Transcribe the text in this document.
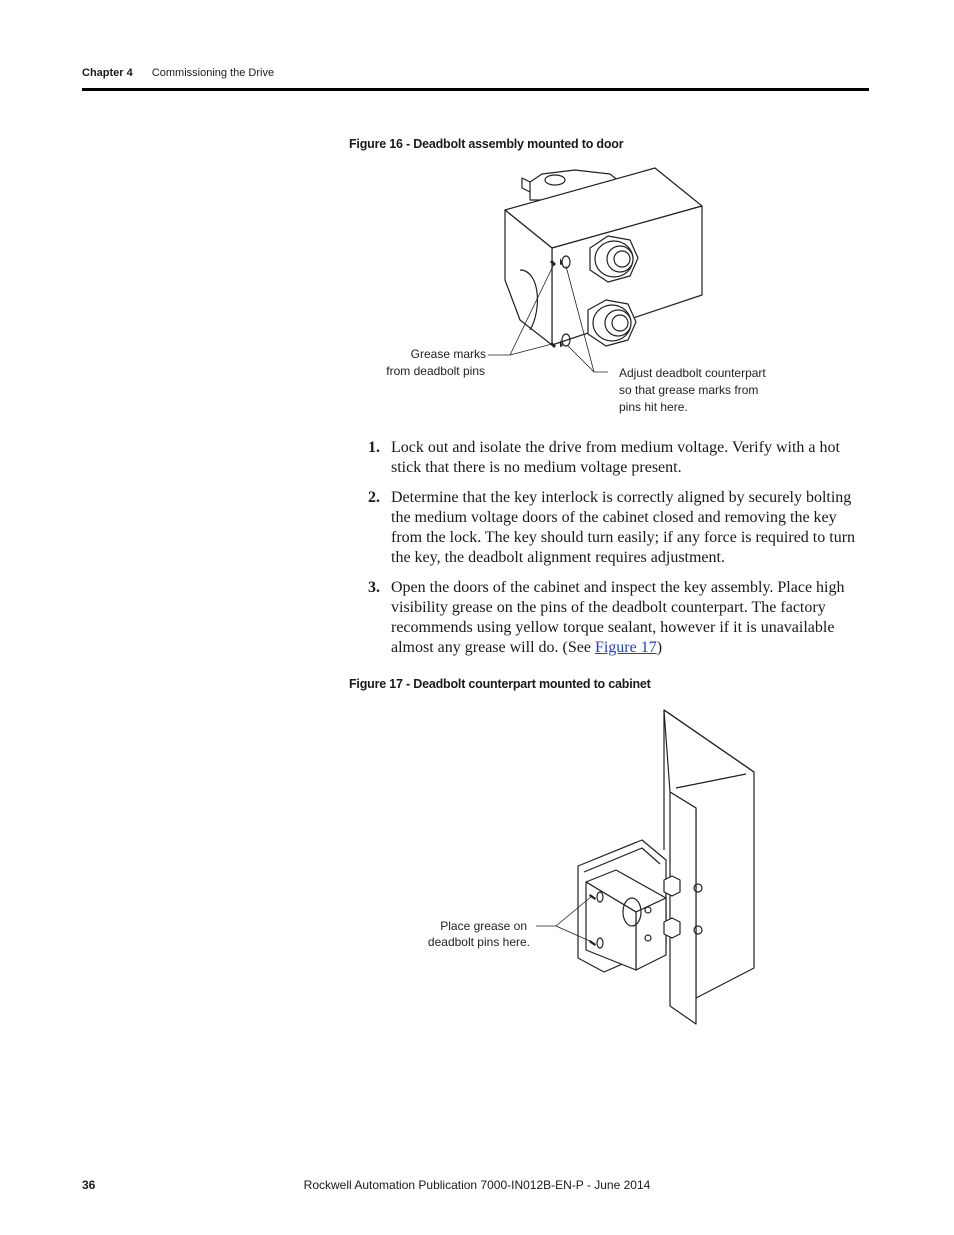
Chapter 4 Commissioning the Drive
Figure 16 - Deadbolt assembly mounted to door
Grease marks
from deadbolt pins	Adjust deadbolt counterpart
so that grease marks from
pins hit here.
1. Lock out and isolate the drive from medium voltage. Verify with a hot stick that there is no medium voltage present.
2. Determine that the key interlock is correctly aligned by securely bolting the medium voltage doors of the cabinet closed and removing the key from the lock. The key should turn easily; if any force is required to turn the key, the deadbolt alignment requires adjustment.
3. Open the doors of the cabinet and inspect the key assembly. Place high visibility grease on the pins of the deadbolt counterpart. The factory recommends using yellow torque sealant, however if it is unavailable almost any grease will do. (See Figure 17)
Figure 17 - Deadbolt counterpart mounted to cabinet
Place grease on
deadbolt pins here.
36	Rockwell Automation Publication 7000-IN012B-EN-P - June 2014
